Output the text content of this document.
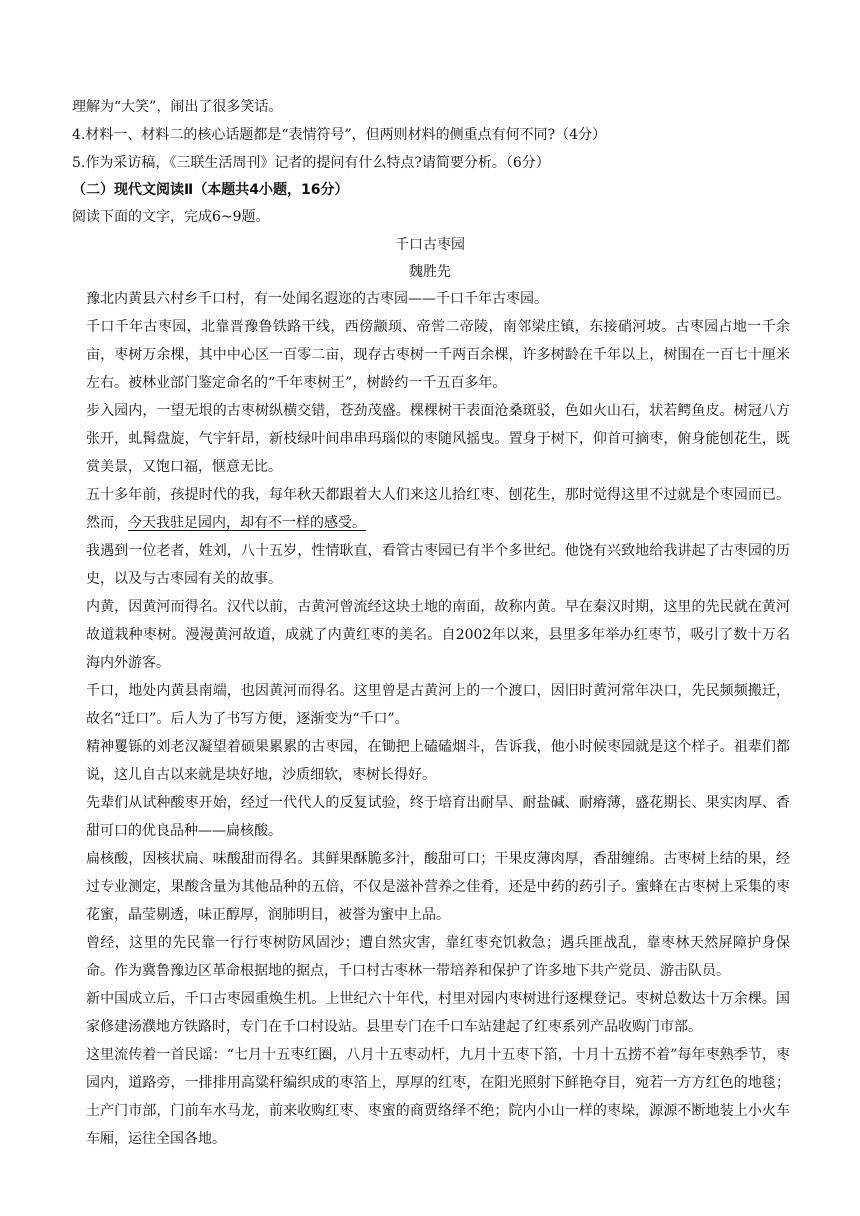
理解为“大笑”，闹出了很多笑话。
4.材料一、材料二的核心话题都是“表情符号”，但两则材料的侧重点有何不同?（4分）
5.作为采访稿，《三联生活周刊》记者的提问有什么特点?请简要分析。（6分）
（二）现代文阅读Ⅱ（本题共4小题，16分）
阅读下面的文字，完成6~9题。
千口古枣园
魏胜先

豫北内黄县六村乡千口村，有一处闻名遐迩的古枣园——千口千年古枣园。

千口千年古枣园，北靠晋豫鲁铁路干线，西傍颛顼、帝喾二帝陵，南邻梁庄镇，东接硝河坡。古枣园占地一千余亩，枣树万余棵，其中中心区一百零二亩，现存古枣树一千两百余棵，许多树龄在千年以上，树围在一百七十厘米左右。被林业部门鉴定命名的“千年枣树王”，树龄约一千五百多年。

步入园内，一望无垠的古枣树纵横交错，苍劲茂盛。棵棵树干表面沧桑斑驳，色如火山石，状若鳄鱼皮。树冠八方张开，虬髯盘旋，气宇轩昂，新枝绿叶间串串玛瑙似的枣随风摇曳。置身于树下，仰首可摘枣，俯身能刨花生，既赏美景，又饱口福，惬意无比。

五十多年前，孩提时代的我，每年秋天都跟着大人们来这儿拾红枣、刨花生，那时觉得这里不过就是个枣园而已。然而，今天我驻足园内，却有不一样的感受。

我遇到一位老者，姓刘，八十五岁，性情耿直，看管古枣园已有半个多世纪。他饶有兴致地给我讲起了古枣园的历史，以及与古枣园有关的故事。

内黄，因黄河而得名。汉代以前，古黄河曾流经这块土地的南面，故称内黄。早在秦汉时期，这里的先民就在黄河故道栽种枣树。漫漫黄河故道，成就了内黄红枣的美名。自2002年以来，县里多年举办红枣节，吸引了数十万名海内外游客。

千口，地处内黄县南端，也因黄河而得名。这里曾是古黄河上的一个渡口，因旧时黄河常年决口，先民频频搬迁，故名“迁口”。后人为了书写方便，逐渐变为“千口”。

精神矍铄的刘老汉凝望着硕果累累的古枣园，在锄把上磕磕烟斗，告诉我，他小时候枣园就是这个样子。祖辈们都说，这儿自古以来就是块好地，沙质细软，枣树长得好。

先辈们从试种酸枣开始，经过一代代人的反复试验，终于培育出耐旱、耐盐碱、耐瘠薄，盛花期长、果实肉厚、香甜可口的优良品种——扁核酸。

扁核酸，因核状扁、味酸甜而得名。其鲜果酥脆多汁，酸甜可口；干果皮薄肉厚，香甜缠绵。古枣树上结的果，经过专业测定，果酸含量为其他品种的五倍，不仅是滋补营养之佳肴，还是中药的药引子。蜜蜂在古枣树上采集的枣花蜜，晶莹剔透，味正醇厚，润肺明目，被誉为蜜中上品。

曾经，这里的先民靠一行行枣树防风固沙；遭自然灾害，靠红枣充饥救急；遇兵匪战乱，靠枣林天然屏障护身保命。作为冀鲁豫边区革命根据地的据点，千口村古枣林一带培养和保护了许多地下共产党员、游击队员。

新中国成立后，千口古枣园重焕生机。上世纪六十年代，村里对园内枣树进行逐棵登记。枣树总数达十万余棵。国家修建汤濮地方铁路时，专门在千口村设站。县里专门在千口车站建起了红枣系列产品收购门市部。

这里流传着一首民谣：“七月十五枣红圈，八月十五枣动杆，九月十五枣下箔，十月十五捞不着”每年枣熟季节，枣园内，道路旁，一排排用高粱秆编织成的枣箔上，厚厚的红枣，在阳光照射下鲜艳夺目，宛若一方方红色的地毯；土产门市部，门前车水马龙，前来收购红枣、枣蜜的商贾络绎不绝；院内小山一样的枣垛，源源不断地装上小火车车厢，运往全国各地。
